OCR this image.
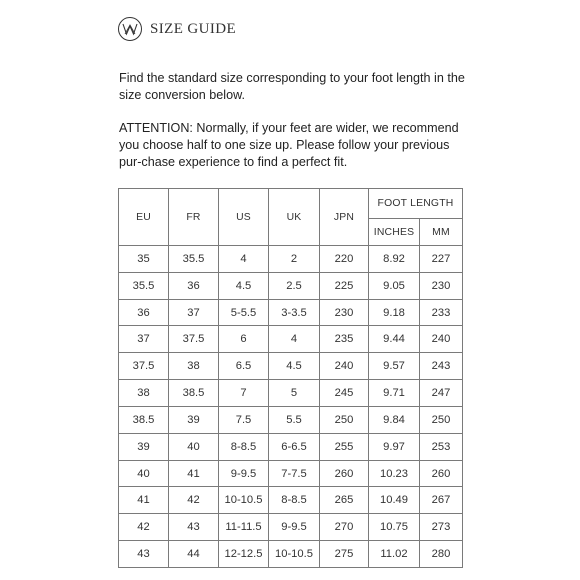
SIZE GUIDE

Find the standard size corresponding to your foot length in the size conversion below.

ATTENTION: Normally, if your feet are wider, we recommend you choose half to one size up. Please follow your previous pur-chase experience to find a perfect fit.

EU	FR	US	UK	JPN	FOOT LENGTH	
					INCHES	MM
35	35.5	4	2	220	8.92	227
35.5	36	4.5	2.5	225	9.05	230
36	37	5-5.5	3-3.5	230	9.18	233
37	37.5	6	4	235	9.44	240
37.5	38	6.5	4.5	240	9.57	243
38	38.5	7	5	245	9.71	247
38.5	39	7.5	5.5	250	9.84	250
39	40	8-8.5	6-6.5	255	9.97	253
40	41	9-9.5	7-7.5	260	10.23	260
41	42	10-10.5	8-8.5	265	10.49	267
42	43	11-11.5	9-9.5	270	10.75	273
43	44	12-12.5	10-10.5	275	11.02	280
